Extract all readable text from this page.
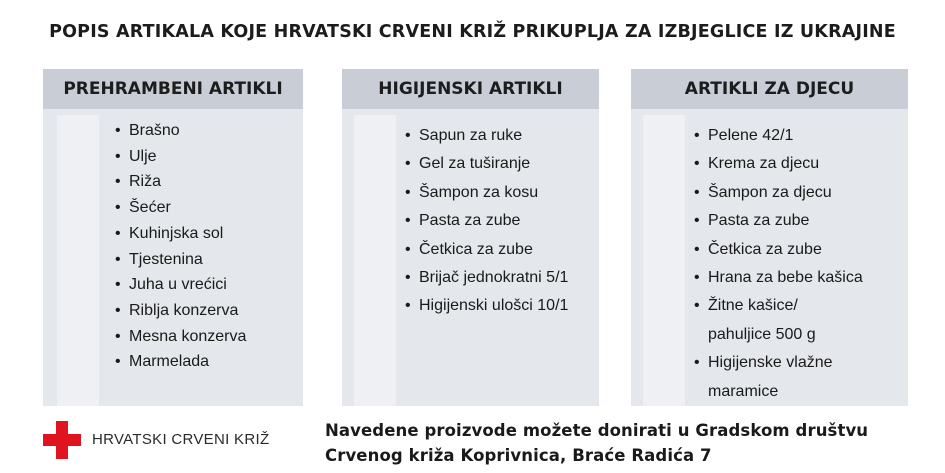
POPIS ARTIKALA KOJE HRVATSKI CRVENI KRIŽ PRIKUPLJA ZA IZBJEGLICE IZ UKRAJINE
PREHRAMBENI ARTIKLI
• Brašno
• Ulje
• Riža
• Šećer
• Kuhinjska sol
• Tjestenina
• Juha u vrećici
• Riblja konzerva
• Mesna konzerva
• Marmelada
HIGIJENSKI ARTIKLI
• Sapun za ruke
• Gel za tuširanje
• Šampon za kosu
• Pasta za zube
• Četkica za zube
• Brijač jednokratni 5/1
• Higijenski ulošci 10/1
ARTIKLI ZA DJECU
• Pelene 42/1
• Krema za djecu
• Šampon za djecu
• Pasta za zube
• Četkica za zube
• Hrana za bebe kašica
• Žitne kašice/
pahuljice 500 g
• Higijenske vlažne
maramice
HRVATSKI CRVENI KRIŽ	Navedene proizvode možete donirati u Gradskom društvu
Crvenog križa Koprivnica, Braće Radića 7
